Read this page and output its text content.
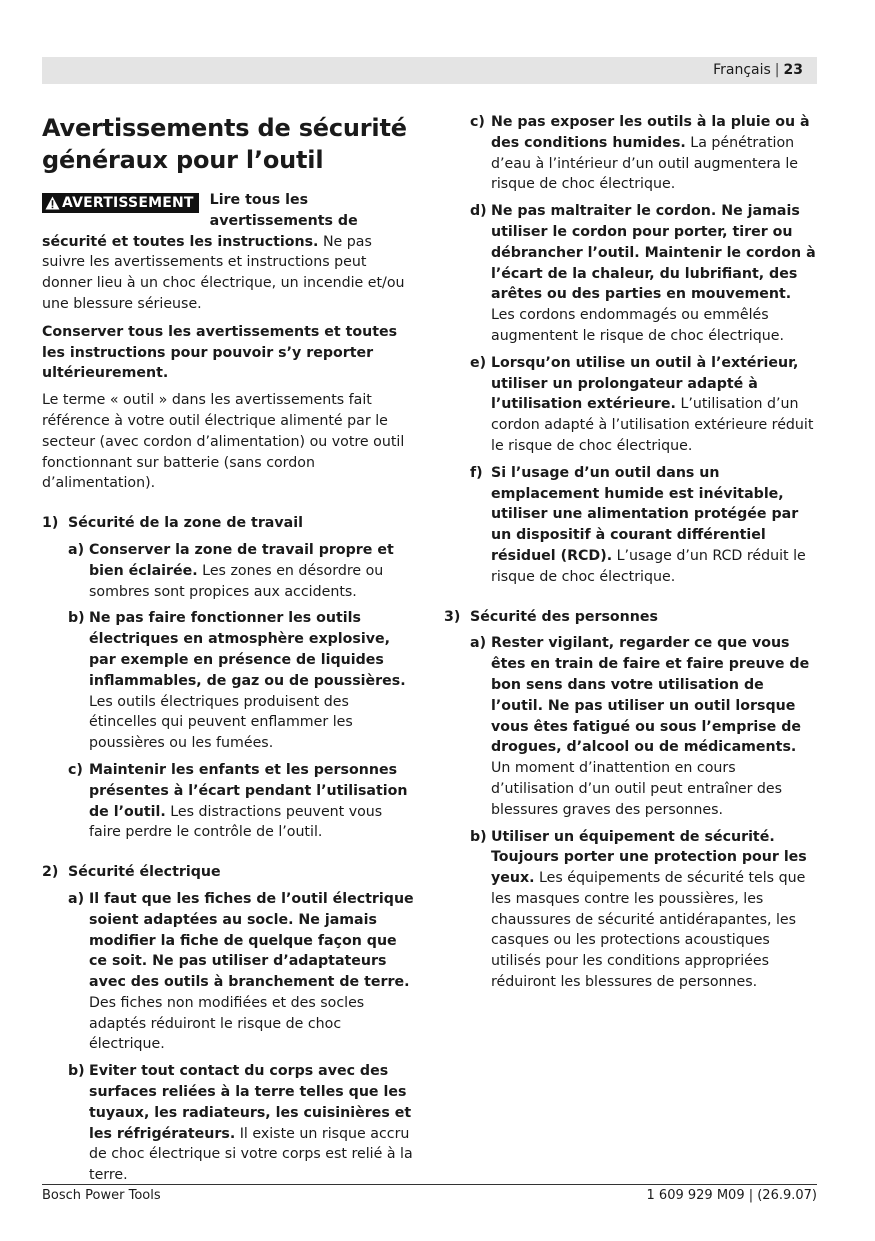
Français | 23
Avertissements de sécurité généraux pour l’outil

AVERTISSEMENT	Lire tous les avertissements de sécurité et toutes les instructions. Ne pas suivre les avertissements et instructions peut donner lieu à un choc électrique, un incendie et/ou une blessure sérieuse.

Conserver tous les avertissements et toutes les instructions pour pouvoir s’y reporter ultérieurement.

Le terme « outil » dans les avertissements fait référence à votre outil électrique alimenté par le secteur (avec cordon d’alimentation) ou votre outil fonctionnant sur batterie (sans cordon d’alimentation).

1) Sécurité de la zone de travail
a) Conserver la zone de travail propre et bien éclairée. Les zones en désordre ou sombres sont propices aux accidents.
b) Ne pas faire fonctionner les outils électriques en atmosphère explosive, par exemple en présence de liquides inflammables, de gaz ou de poussières. Les outils électriques produisent des étincelles qui peuvent enflammer les poussières ou les fumées.
c) Maintenir les enfants et les personnes présentes à l’écart pendant l’utilisation de l’outil. Les distractions peuvent vous faire perdre le contrôle de l’outil.
2) Sécurité électrique
a) Il faut que les fiches de l’outil électrique soient adaptées au socle. Ne jamais modifier la fiche de quelque façon que ce soit. Ne pas utiliser d’adaptateurs avec des outils à branchement de terre. Des fiches non modifiées et des socles adaptés réduiront le risque de choc électrique.
b) Eviter tout contact du corps avec des surfaces reliées à la terre telles que les tuyaux, les radiateurs, les cuisinières et les réfrigérateurs. Il existe un risque accru de choc électrique si votre corps est relié à la terre.
c) Ne pas exposer les outils à la pluie ou à des conditions humides. La pénétration d’eau à l’intérieur d’un outil augmentera le risque de choc électrique.
d) Ne pas maltraiter le cordon. Ne jamais utiliser le cordon pour porter, tirer ou débrancher l’outil. Maintenir le cordon à l’écart de la chaleur, du lubrifiant, des arêtes ou des parties en mouvement. Les cordons endommagés ou emmêlés augmentent le risque de choc électrique.
e) Lorsqu’on utilise un outil à l’extérieur, utiliser un prolongateur adapté à l’utilisation extérieure. L’utilisation d’un cordon adapté à l’utilisation extérieure réduit le risque de choc électrique.
f) Si l’usage d’un outil dans un emplacement humide est inévitable, utiliser une alimentation protégée par un dispositif à courant différentiel résiduel (RCD). L’usage d’un RCD réduit le risque de choc électrique.
3) Sécurité des personnes
a) Rester vigilant, regarder ce que vous êtes en train de faire et faire preuve de bon sens dans votre utilisation de l’outil. Ne pas utiliser un outil lorsque vous êtes fatigué ou sous l’emprise de drogues, d’alcool ou de médicaments. Un moment d’inattention en cours d’utilisation d’un outil peut entraîner des blessures graves des personnes.
b) Utiliser un équipement de sécurité. Toujours porter une protection pour les yeux. Les équipements de sécurité tels que les masques contre les poussières, les chaussures de sécurité antidérapantes, les casques ou les protections acoustiques utilisés pour les conditions appropriées réduiront les blessures de personnes.
Bosch Power Tools	1 609 929 M09 | (26.9.07)
